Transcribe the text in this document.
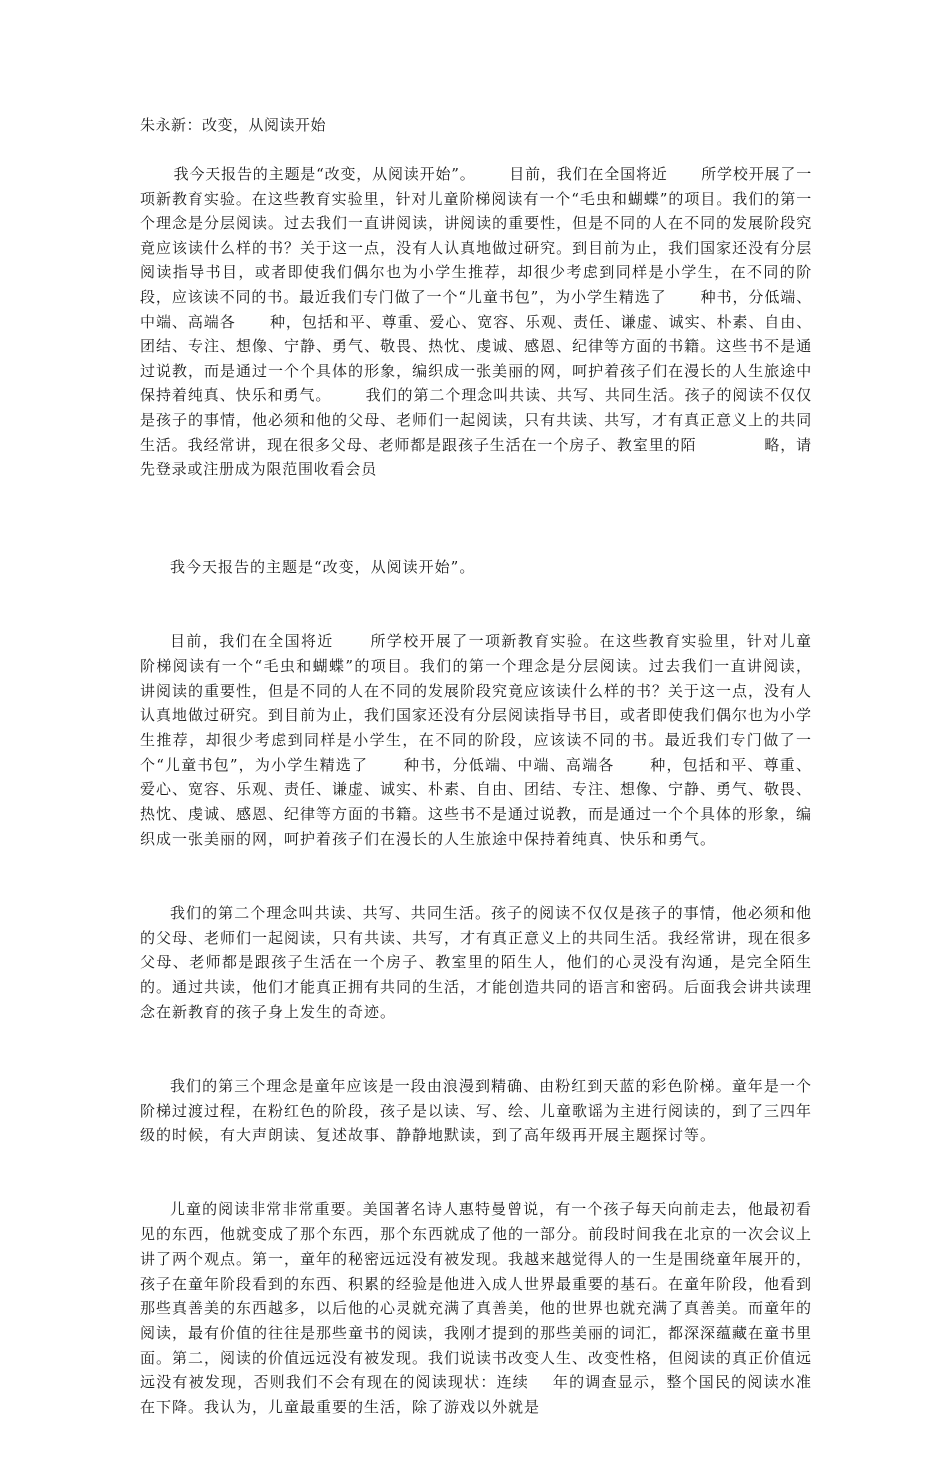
朱永新：改变，从阅读开始

我今天报告的主题是“改变，从阅读开始”。      目前，我们在全国将近      所学校开展了一项新教育实验。在这些教育实验里，针对儿童阶梯阅读有一个“毛虫和蝴蝶”的项目。我们的第一个理念是分层阅读。过去我们一直讲阅读，讲阅读的重要性，但是不同的人在不同的发展阶段究竟应该读什么样的书？关于这一点，没有人认真地做过研究。到目前为止，我们国家还没有分层阅读指导书目，或者即使我们偶尔也为小学生推荐，却很少考虑到同样是小学生，在不同的阶段，应该读不同的书。最近我们专门做了一个“儿童书包”，为小学生精选了      种书，分低端、中端、高端各      种，包括和平、尊重、爱心、宽容、乐观、责任、谦虚、诚实、朴素、自由、团结、专注、想像、宁静、勇气、敬畏、热忱、虔诚、感恩、纪律等方面的书籍。这些书不是通过说教，而是通过一个个具体的形象，编织成一张美丽的网，呵护着孩子们在漫长的人生旅途中保持着纯真、快乐和勇气。      我们的第二个理念叫共读、共写、共同生活。孩子的阅读不仅仅是孩子的事情，他必须和他的父母、老师们一起阅读，只有共读、共写，才有真正意义上的共同生活。我经常讲，现在很多父母、老师都是跟孩子生活在一个房子、教室里的陌            略，请先登录或注册成为限范围收看会员

我今天报告的主题是“改变，从阅读开始”。

目前，我们在全国将近      所学校开展了一项新教育实验。在这些教育实验里，针对儿童阶梯阅读有一个“毛虫和蝴蝶”的项目。我们的第一个理念是分层阅读。过去我们一直讲阅读，讲阅读的重要性，但是不同的人在不同的发展阶段究竟应该读什么样的书？关于这一点，没有人认真地做过研究。到目前为止，我们国家还没有分层阅读指导书目，或者即使我们偶尔也为小学生推荐，却很少考虑到同样是小学生，在不同的阶段，应该读不同的书。最近我们专门做了一个“儿童书包”，为小学生精选了      种书，分低端、中端、高端各      种，包括和平、尊重、爱心、宽容、乐观、责任、谦虚、诚实、朴素、自由、团结、专注、想像、宁静、勇气、敬畏、热忱、虔诚、感恩、纪律等方面的书籍。这些书不是通过说教，而是通过一个个具体的形象，编织成一张美丽的网，呵护着孩子们在漫长的人生旅途中保持着纯真、快乐和勇气。

我们的第二个理念叫共读、共写、共同生活。孩子的阅读不仅仅是孩子的事情，他必须和他的父母、老师们一起阅读，只有共读、共写，才有真正意义上的共同生活。我经常讲，现在很多父母、老师都是跟孩子生活在一个房子、教室里的陌生人，他们的心灵没有沟通，是完全陌生的。通过共读，他们才能真正拥有共同的生活，才能创造共同的语言和密码。后面我会讲共读理念在新教育的孩子身上发生的奇迹。

我们的第三个理念是童年应该是一段由浪漫到精确、由粉红到天蓝的彩色阶梯。童年是一个阶梯过渡过程，在粉红色的阶段，孩子是以读、写、绘、儿童歌谣为主进行阅读的，到了三四年级的时候，有大声朗读、复述故事、静静地默读，到了高年级再开展主题探讨等。

儿童的阅读非常非常重要。美国著名诗人惠特曼曾说，有一个孩子每天向前走去，他最初看见的东西，他就变成了那个东西，那个东西就成了他的一部分。前段时间我在北京的一次会议上讲了两个观点。第一，童年的秘密远远没有被发现。我越来越觉得人的一生是围绕童年展开的，孩子在童年阶段看到的东西、积累的经验是他进入成人世界最重要的基石。在童年阶段，他看到那些真善美的东西越多，以后他的心灵就充满了真善美，他的世界也就充满了真善美。而童年的阅读，最有价值的往往是那些童书的阅读，我刚才提到的那些美丽的词汇，都深深蕴藏在童书里面。第二，阅读的价值远远没有被发现。我们说读书改变人生、改变性格，但阅读的真正价值远远没有被发现，否则我们不会有现在的阅读现状：连续    年的调查显示，整个国民的阅读水准在下降。我认为，儿童最重要的生活，除了游戏以外就是
